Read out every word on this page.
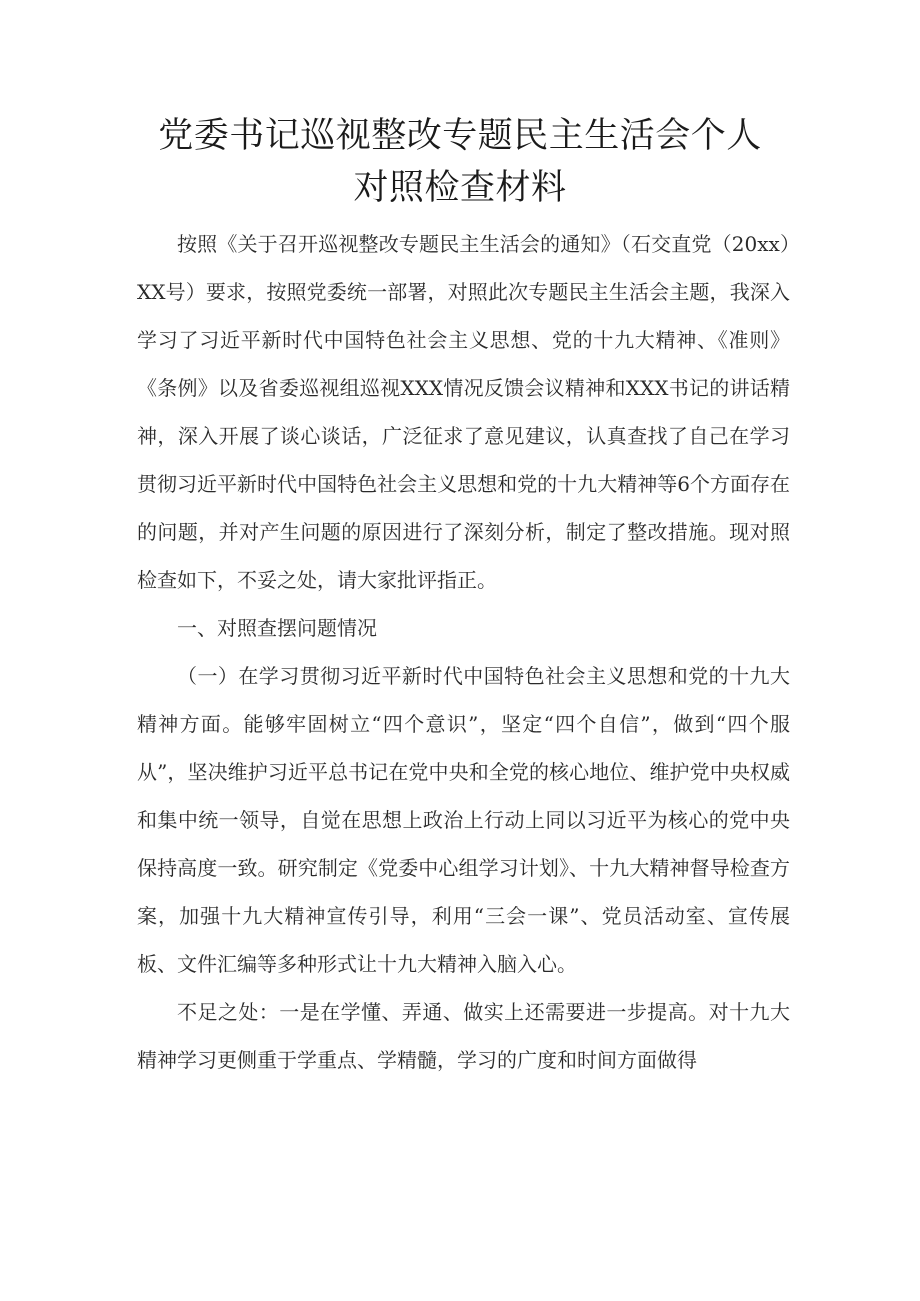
党委书记巡视整改专题民主生活会个人
对照检查材料

按照《关于召开巡视整改专题民主生活会的通知》（石交直党（20xx）XX号）要求，按照党委统一部署，对照此次专题民主生活会主题，我深入学习了习近平新时代中国特色社会主义思想、党的十九大精神、《准则》《条例》以及省委巡视组巡视XXX情况反馈会议精神和XXX书记的讲话精神，深入开展了谈心谈话，广泛征求了意见建议，认真查找了自己在学习贯彻习近平新时代中国特色社会主义思想和党的十九大精神等6个方面存在的问题，并对产生问题的原因进行了深刻分析，制定了整改措施。现对照检查如下，不妥之处，请大家批评指正。

一、对照查摆问题情况

（一）在学习贯彻习近平新时代中国特色社会主义思想和党的十九大精神方面。能够牢固树立“四个意识”，坚定“四个自信”，做到“四个服从”，坚决维护习近平总书记在党中央和全党的核心地位、维护党中央权威和集中统一领导，自觉在思想上政治上行动上同以习近平为核心的党中央保持高度一致。研究制定《党委中心组学习计划》、十九大精神督导检查方案，加强十九大精神宣传引导，利用“三会一课”、党员活动室、宣传展板、文件汇编等多种形式让十九大精神入脑入心。

不足之处：一是在学懂、弄通、做实上还需要进一步提高。对十九大精神学习更侧重于学重点、学精髓，学习的广度和时间方面做得
